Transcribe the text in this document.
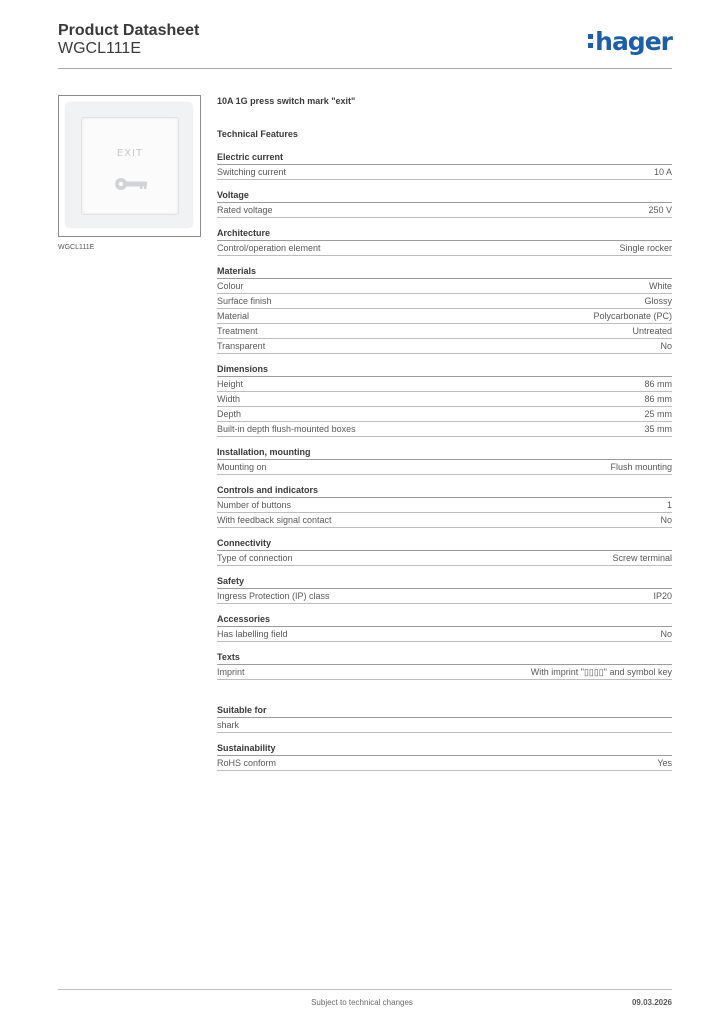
Product Datasheet
WGCL111E	hager
EXIT
WGCL111E
10A 1G press switch mark "exit"
Technical Features
Electric current
Switching current	10 A
Voltage
Rated voltage	250 V
Architecture
Control/operation element	Single rocker
Materials
Colour	White
Surface finish	Glossy
Material	Polycarbonate (PC)
Treatment	Untreated
Transparent	No
Dimensions
Height	86 mm
Width	86 mm
Depth	25 mm
Built-in depth flush-mounted boxes	35 mm
Installation, mounting
Mounting on	Flush mounting
Controls and indicators
Number of buttons	1
With feedback signal contact	No
Connectivity
Type of connection	Screw terminal
Safety
Ingress Protection (IP) class	IP20
Accessories
Has labelling field	No
Texts
Imprint	With imprint "▯▯▯▯" and symbol key
Suitable for
shark
Sustainability
RoHS conform	Yes
Subject to technical changes	09.03.2026
